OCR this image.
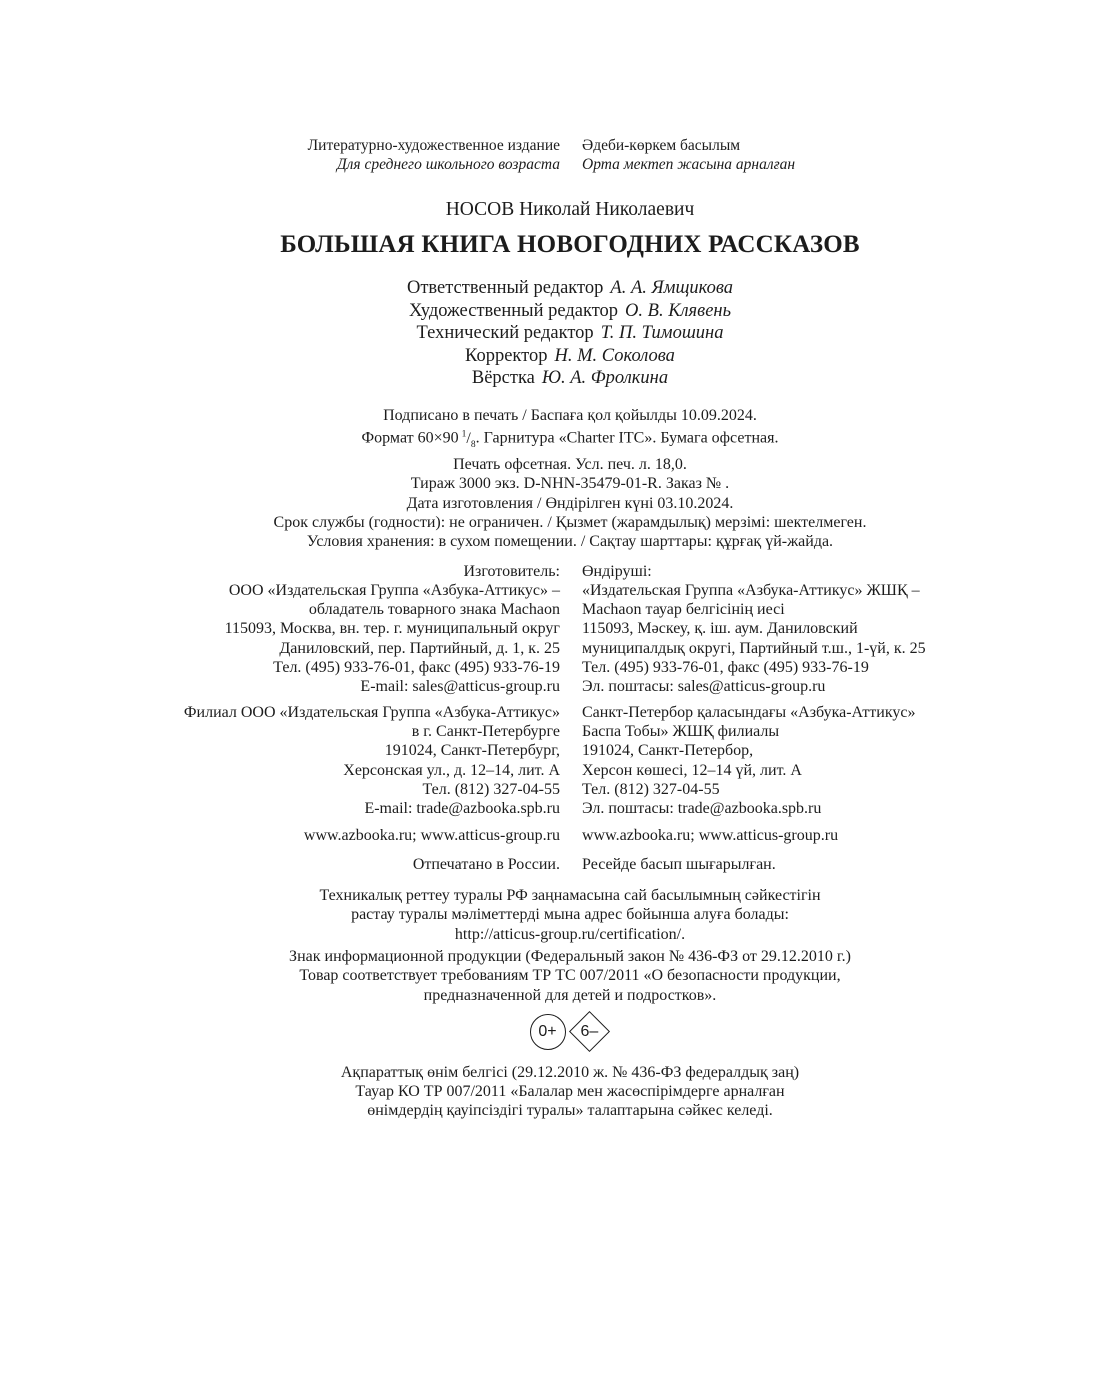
Литературно-художественное издание
Для среднего школьного возраста
Әдеби-көркем басылым
Орта мектеп жасына арналған
НОСОВ Николай Николаевич
БОЛЬШАЯ КНИГА НОВОГОДНИХ РАССКАЗОВ
Ответственный редактор А. А. Ямщикова
Художественный редактор О. В. Клявень
Технический редактор Т. П. Тимошина
Корректор Н. М. Соколова
Вёрстка Ю. А. Фролкина
Подписано в печать / Баспаға қол қойылды 10.09.2024.
Формат 60×90 $^1/_8$. Гарнитура «Charter ITC». Бумага офсетная.
Печать офсетная. Усл. печ. л. 18,0.
Тираж 3000 экз. D-NHN-35479-01-R. Заказ № .
Дата изготовления / Өндірілген күні 03.10.2024.
Срок службы (годности): не ограничен. / Қызмет (жарамдылық) мерзімі: шектелмеген.
Условия хранения: в сухом помещении. / Сақтау шарттары: құрғақ үй-жайда.
Изготовитель:
ООО «Издательская Группа «Азбука-Аттикус» –
обладатель товарного знака Machaon
115093, Москва, вн. тер. г. муниципальный округ
Даниловский, пер. Партийный, д. 1, к. 25
Тел. (495) 933-76-01, факс (495) 933-76-19
E-mail: sales@atticus-group.ru
Өндіруші:
«Издательская Группа «Азбука-Аттикус» ЖШҚ –
Machaon тауар белгісінің иесі
115093, Мәскеу, қ. іш. аум. Даниловский
муниципалдық округі, Партийный т.ш., 1-үй, к. 25
Тел. (495) 933-76-01, факс (495) 933-76-19
Эл. поштасы: sales@atticus-group.ru
Филиал ООО «Издательская Группа «Азбука-Аттикус»
в г. Санкт-Петербурге
191024, Санкт-Петербург,
Херсонская ул., д. 12–14, лит. А
Тел. (812) 327-04-55
E-mail: trade@azbooka.spb.ru
Санкт-Петербор қаласындағы «Азбука-Аттикус»
Баспа Тобы» ЖШҚ филиалы
191024, Санкт-Петербор,
Херсон көшесі, 12–14 үй, лит. А
Тел. (812) 327-04-55
Эл. поштасы: trade@azbooka.spb.ru
www.azbooka.ru; www.atticus-group.ru www.azbooka.ru; www.atticus-group.ru
Отпечатано в России. Ресейде басып шығарылған.
Техникалық реттеу туралы РФ заңнамасына сай басылымның сәйкестігін
растау туралы мәліметтерді мына адрес бойынша алуға болады:
http://atticus-group.ru/certification/.
Знак информационной продукции (Федеральный закон № 436-ФЗ от 29.12.2010 г.)
Товар соответствует требованиям ТР ТС 007/2011 «О безопасности продукции,
предназначенной для детей и подростков».
0+	6–
Ақпараттық өнім белгісі (29.12.2010 ж. № 436-ФЗ федералдық заң)
Тауар КО ТР 007/2011 «Балалар мен жасөспірімдерге арналған
өнімдердің қауіпсіздігі туралы» талаптарына сәйкес келеді.
